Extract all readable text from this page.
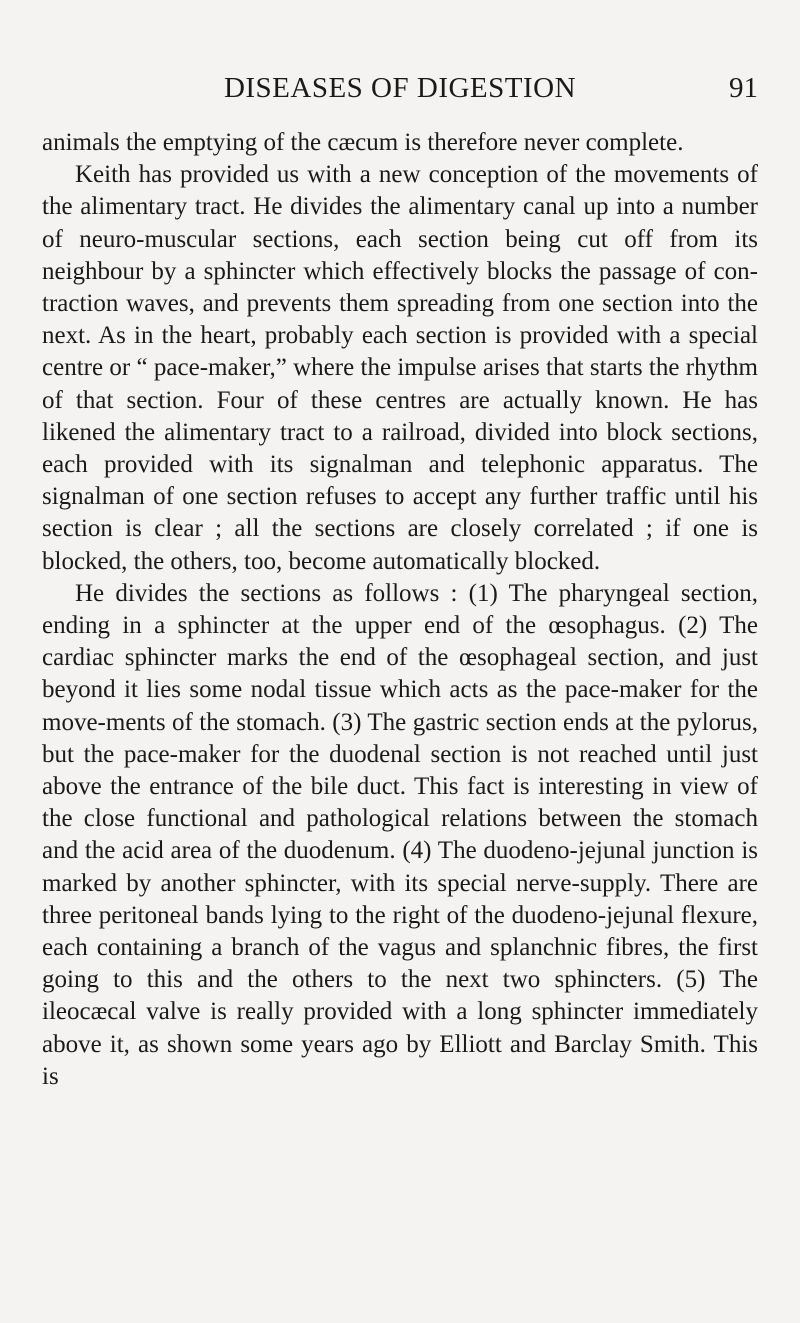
DISEASES OF DIGESTION	91

animals the emptying of the cæcum is therefore never complete.

Keith has provided us with a new conception of the movements of the alimentary tract. He divides the alimentary canal up into a number of neuro-muscular sections, each section being cut off from its neighbour by a sphincter which effectively blocks the passage of con-traction waves, and prevents them spreading from one section into the next. As in the heart, probably each section is provided with a special centre or “ pace-maker,” where the impulse arises that starts the rhythm of that section. Four of these centres are actually known. He has likened the alimentary tract to a railroad, divided into block sections, each provided with its signalman and telephonic apparatus. The signalman of one section refuses to accept any further traffic until his section is clear ; all the sections are closely correlated ; if one is blocked, the others, too, become automatically blocked.

He divides the sections as follows : (1) The pharyngeal section, ending in a sphincter at the upper end of the œsophagus. (2) The cardiac sphincter marks the end of the œsophageal section, and just beyond it lies some nodal tissue which acts as the pace-maker for the move-ments of the stomach. (3) The gastric section ends at the pylorus, but the pace-maker for the duodenal section is not reached until just above the entrance of the bile duct. This fact is interesting in view of the close functional and pathological relations between the stomach and the acid area of the duodenum. (4) The duodeno-jejunal junction is marked by another sphincter, with its special nerve-supply. There are three peritoneal bands lying to the right of the duodeno-jejunal flexure, each containing a branch of the vagus and splanchnic fibres, the first going to this and the others to the next two sphincters. (5) The ileocæcal valve is really provided with a long sphincter immediately above it, as shown some years ago by Elliott and Barclay Smith. This is
